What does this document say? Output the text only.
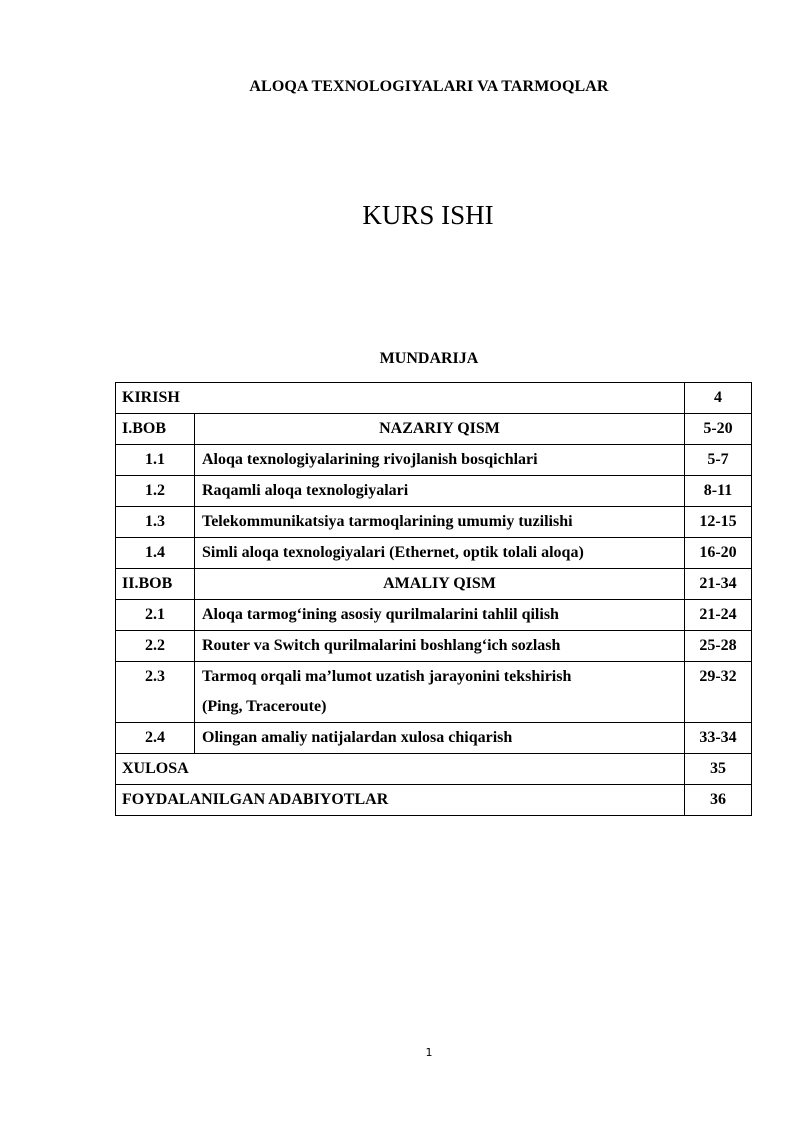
ALOQA TEXNOLOGIYALARI VA TARMOQLAR
KURS ISHI
MUNDARIJA
KIRISH		4
I.BOB	NAZARIY QISM	5-20
1.1	Aloqa texnologiyalarining rivojlanish bosqichlari	5-7
1.2	Raqamli aloqa texnologiyalari	8-11
1.3	Telekommunikatsiya tarmoqlarining umumiy tuzilishi	12-15
1.4	Simli aloqa texnologiyalari (Ethernet, optik tolali aloqa)	16-20
II.BOB	AMALIY QISM	21-34
2.1	Aloqa tarmog‘ining asosiy qurilmalarini tahlil qilish	21-24
2.2	Router va Switch qurilmalarini boshlang‘ich sozlash	25-28
2.3	Tarmoq orqali ma’lumot uzatish jarayonini tekshirish
(Ping, Traceroute)	29-32
2.4	Olingan amaliy natijalardan xulosa chiqarish	33-34
XULOSA		35
FOYDALANILGAN ADABIYOTLAR		36
1
